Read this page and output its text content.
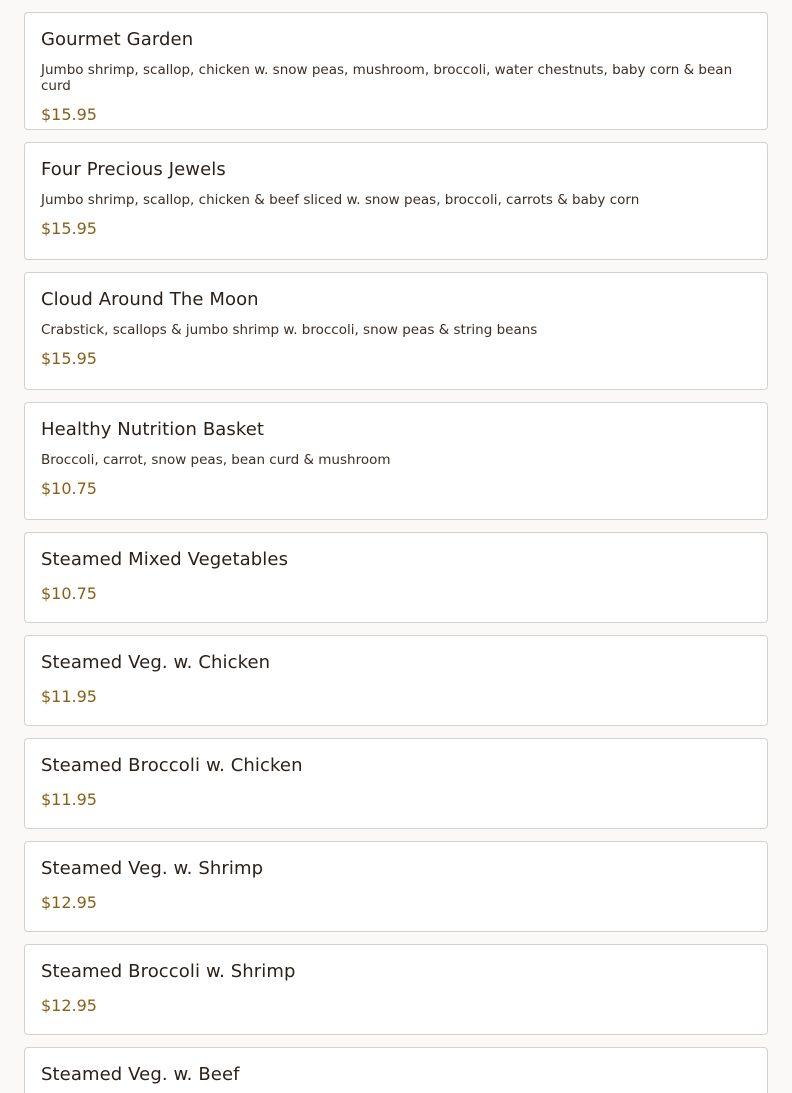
Gourmet Garden
Jumbo shrimp, scallop, chicken w. snow peas, mushroom, broccoli, water chestnuts, baby corn & bean curd
$15.95
Four Precious Jewels
Jumbo shrimp, scallop, chicken & beef sliced w. snow peas, broccoli, carrots & baby corn
$15.95
Cloud Around The Moon
Crabstick, scallops & jumbo shrimp w. broccoli, snow peas & string beans
$15.95
Healthy Nutrition Basket
Broccoli, carrot, snow peas, bean curd & mushroom
$10.75
Steamed Mixed Vegetables
$10.75
Steamed Veg. w. Chicken
$11.95
Steamed Broccoli w. Chicken
$11.95
Steamed Veg. w. Shrimp
$12.95
Steamed Broccoli w. Shrimp
$12.95
Steamed Veg. w. Beef
